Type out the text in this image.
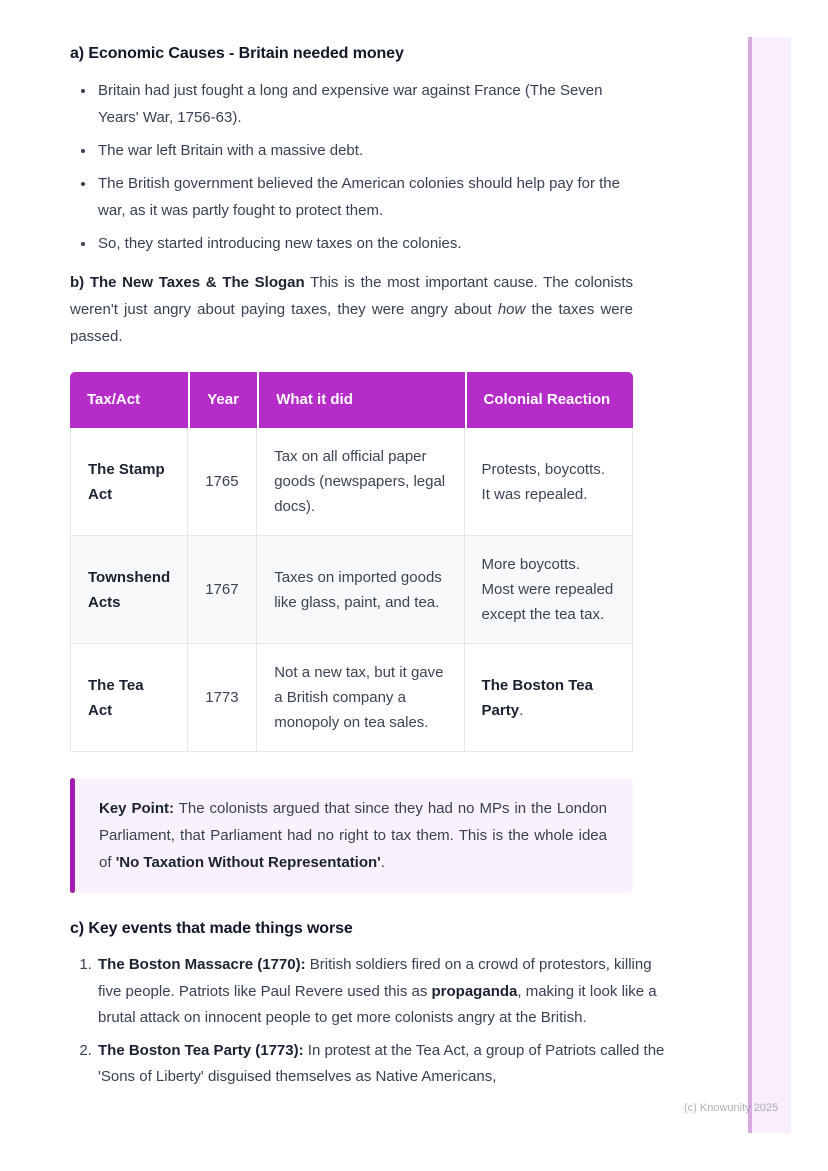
a) Economic Causes - Britain needed money
• Britain had just fought a long and expensive war against France (The Seven Years' War, 1756-63).
• The war left Britain with a massive debt.
• The British government believed the American colonies should help pay for the war, as it was partly fought to protect them.
• So, they started introducing new taxes on the colonies.

b) The New Taxes & The Slogan This is the most important cause. The colonists weren't just angry about paying taxes, they were angry about how the taxes were passed.

Tax/Act	Year	What it did	Colonial Reaction
The Stamp Act	1765	Tax on all official paper goods (newspapers, legal docs).	Protests, boycotts. It was repealed.
Townshend Acts	1767	Taxes on imported goods like glass, paint, and tea.	More boycotts. Most were repealed except the tea tax.
The Tea Act	1773	Not a new tax, but it gave a British company a monopoly on tea sales.	The Boston Tea Party.

Key Point: The colonists argued that since they had no MPs in the London Parliament, that Parliament had no right to tax them. This is the whole idea of 'No Taxation Without Representation'.

c) Key events that made things worse
1. The Boston Massacre (1770): British soldiers fired on a crowd of protestors, killing five people. Patriots like Paul Revere used this as propaganda, making it look like a brutal attack on innocent people to get more colonists angry at the British.
2. The Boston Tea Party (1773): In protest at the Tea Act, a group of Patriots called the 'Sons of Liberty' disguised themselves as Native Americans,
(c) Knowunity 2025
